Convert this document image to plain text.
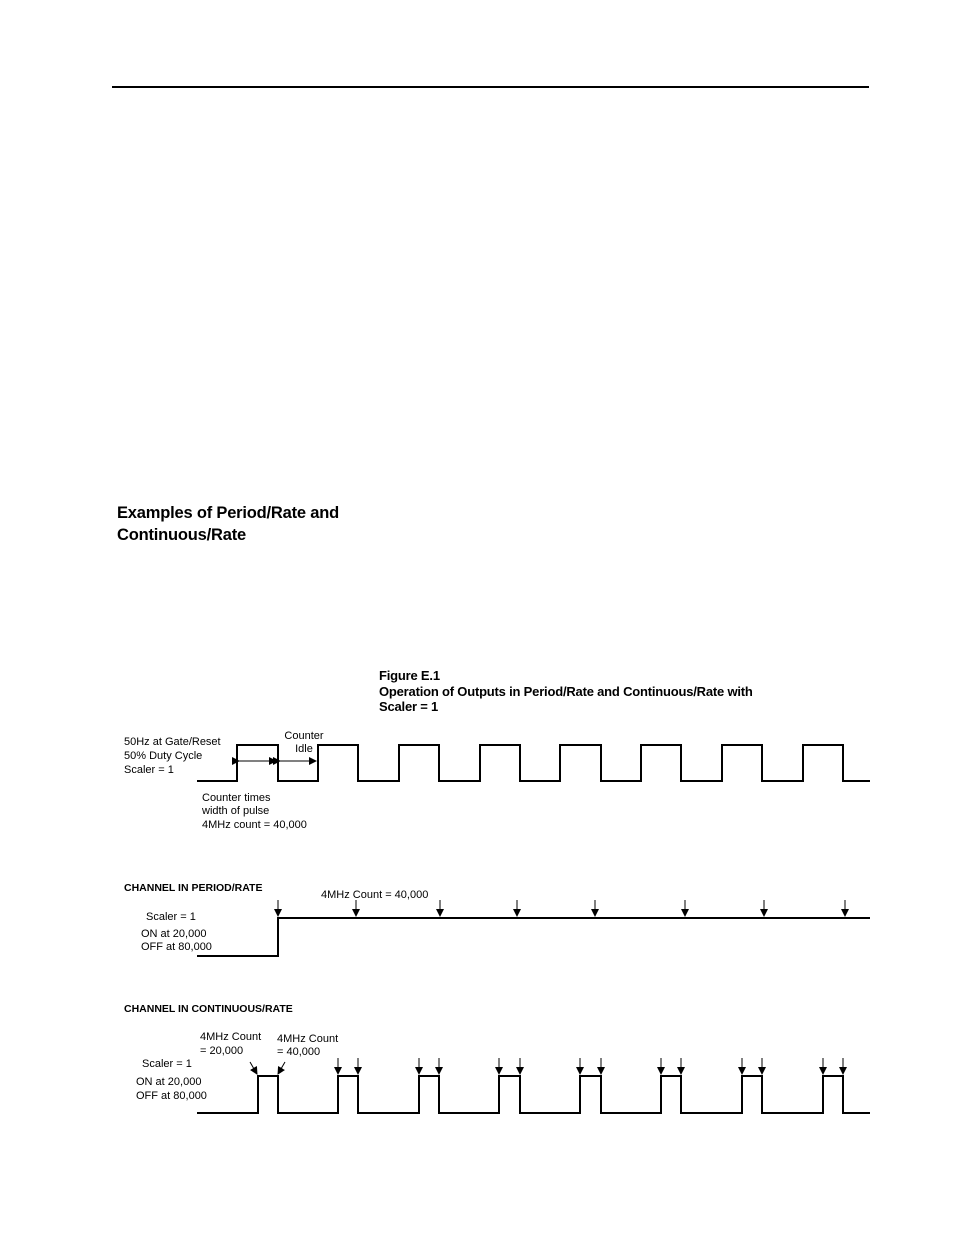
Examples of Period/Rate and
Continuous/Rate
Figure E.1
Operation of Outputs in Period/Rate and Continuous/Rate with
Scaler = 1
50Hz at Gate/Reset
50% Duty Cycle
Scaler = 1
Counter
Idle
Counter times
width of pulse
4MHz count = 40,000
CHANNEL IN PERIOD/RATE
4MHz Count = 40,000
Scaler = 1
ON at 20,000
OFF at 80,000
CHANNEL IN CONTINUOUS/RATE
4MHz Count
= 20,000
4MHz Count
= 40,000
Scaler = 1
ON at 20,000
OFF at 80,000
